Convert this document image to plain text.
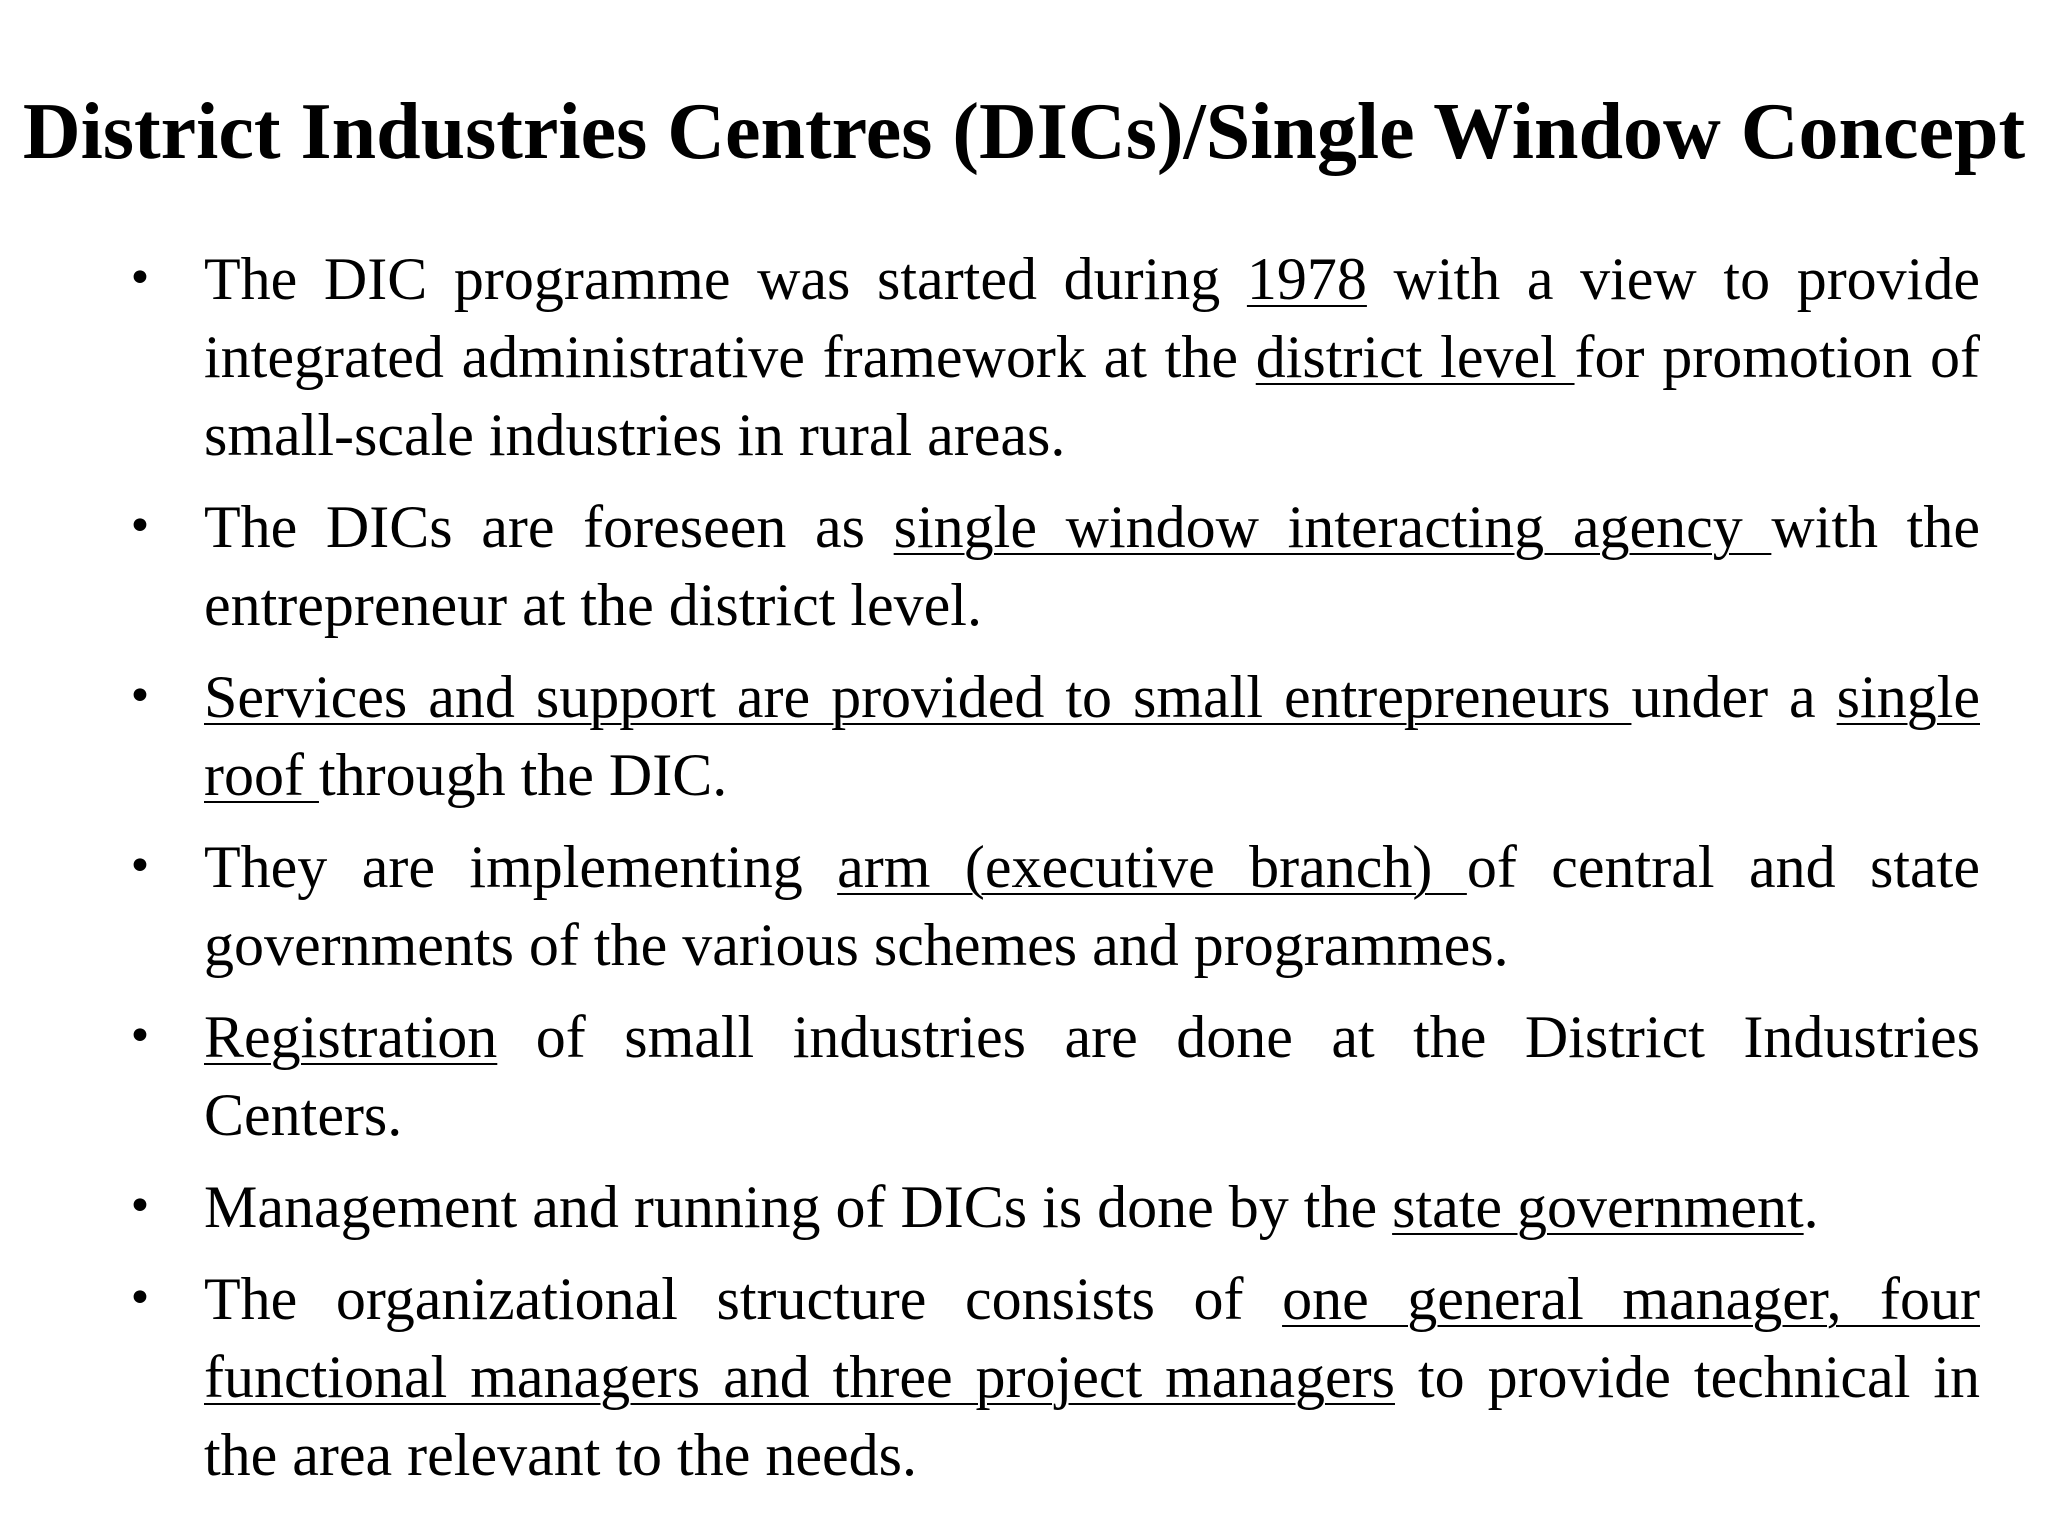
District Industries Centres (DICs)/Single Window Concept
• The DIC programme was started during 1978 with a view to provide integrated administrative framework at the district level for promotion of small-scale industries in rural areas.
• The DICs are foreseen as single window interacting agency with the entrepreneur at the district level.
• Services and support are provided to small entrepreneurs under a single roof through the DIC.
• They are implementing arm (executive branch) of central and state governments of the various schemes and programmes.
• Registration of small industries are done at the District Industries Centers.
• Management and running of DICs is done by the state government.
• The organizational structure consists of one general manager, four functional managers and three project managers to provide technical in the area relevant to the needs.
